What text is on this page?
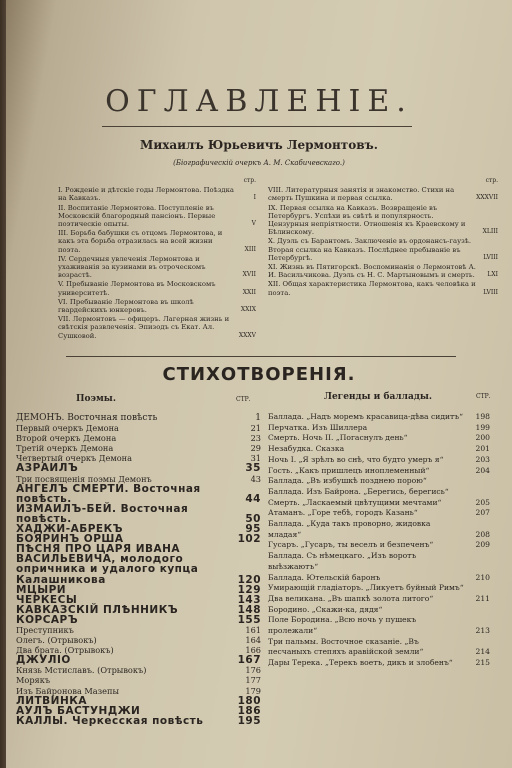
ОГЛАВЛЕНІЕ.
Михаилъ Юрьевичъ Лермонтовъ.
(Біографическій очеркъ А. М. Скабичевскаго.)
стр.
I. Рожденіе и дѣтскіе годы Лермонтова. Поѣздка на Кавказъ.	I
II. Воспитаніе Лермонтова. Поступленіе въ Московскій благородный пансіонъ. Первые поэтическіе опыты.	V
III. Борьба бабушки съ отцомъ Лермонтова, и какъ эта борьба отразилась на всей жизни поэта.	XIII
IV. Сердечныя увлеченія Лермонтова и ухаживанія за кузинами въ отроческомъ возрастѣ.	XVII
V. Пребываніе Лермонтова въ Московскомъ университетѣ.	XXII
VI. Пребываніе Лермонтова въ школѣ гвардейскихъ юнкеровъ.	XXIX
VII. Лермонтовъ — офицеръ. Лагерная жизнь и свѣтскія развлеченія. Эпизодъ съ Екат. Ал. Сушковой.	XXXV
стр.
VIII. Литературныя занятія и знакомство. Стихи на смерть Пушкина и первая ссылка.	XXXVII
IX. Первая ссылка на Кавказъ. Возвращеніе въ Петербургъ. Успѣхи въ свѣтѣ и популярность. Цензурныя непріятности. Отношенія къ Краевскому и Бѣлинскому.	XLIII
X. Дуэль съ Барантомъ. Заключеніе въ ордонансъ-гаузѣ. Вторая ссылка на Кавказъ. Послѣднее пребываніе въ Петербургѣ.	LVIII
XI. Жизнь въ Пятигорскѣ. Воспоминанія о Лермонтовѣ А. И. Васильчикова. Дуэль съ Н. С. Мартыновымъ и смерть. LXI
XII. Общая характеристика Лермонтова, какъ человѣка и поэта.	LVIII
СТИХОТВОРЕНІЯ.
Поэмы.	СТР.	Легенды и баллады.	СТР.
ДЕМОНЪ. Восточная повѣсть	1
Первый очеркъ Демона	21
Второй очеркъ Демона	23
Третій очеркъ Демона	29
Четвертый очеркъ Демона	31
АЗРАИЛЪ	35
Три посвященія поэмы Демонъ	43
АНГЕЛЪ СМЕРТИ. Восточная повѣсть.	44
ИЗМАИЛЪ-БЕЙ. Восточная повѣсть.	50
ХАДЖИ-АБРЕКЪ	95
БОЯРИНЪ ОРША	102
ПѢСНЯ ПРО ЦАРЯ ИВАНА ВАСИЛЬЕВИЧА, молодого опричника и удалого купца Калашникова	120
МЦЫРИ	129
ЧЕРКЕСЫ	143
КАВКАЗСКІЙ ПЛѢННИКЪ	148
КОРСАРЪ	155
Преступникъ	161
Олегъ. (Отрывокъ)	164
Два брата. (Отрывокъ)	166
ДЖУЛІО	167
Князь Мстиславъ. (Отрывокъ)	176
Морякъ	177
Изъ Байроновa Мазепы	179
ЛИТВИНКА	180
АУЛЪ БАСТУНДЖИ	186
КАЛЛЫ. Черкесская повѣсть	195
Баллада. „Надъ моремъ красавица-дѣва сидитъ“ 198
Перчатка. Изъ Шиллера	199
Смерть. Ночь II. „Погаснулъ день“	200
Незабудка. Сказка	201
Ночь I. „Я зрѣлъ во снѣ, что будто умеръ я“	203
Гость. „Какъ пришлецъ иноплеменный“	204
Баллада. „Въ избушкѣ позднею порою“
Баллада. Изъ Байрона. „Берегись, берегись“
Смерть. „Ласкаемый цвѣтущими мечтами“	205
Атаманъ. „Горе тебѣ, городъ Казань“	207
Баллада. „Куда такъ проворно, жидовка младая“	208
Гусаръ. „Гусаръ, ты веселъ и безпеченъ“	209
Баллада. Съ нѣмецкаго. „Изъ воротъ выѣзжаютъ“
Баллада. Ютельскій баронъ	210
Умирающій гладіаторъ. „Ликуетъ буйный Римъ“
Два великана. „Въ шапкѣ золота литого“	211
Бородино. „Скажи-ка, дядя“
Поле Бородина. „Всю ночь у пушекъ пролежали“	213
Три пальмы. Восточное сказаніе. „Въ песчаныхъ степяхъ аравійской земли“	214
Дары Терека. „Терекъ воетъ, дикъ и злобенъ“	215
